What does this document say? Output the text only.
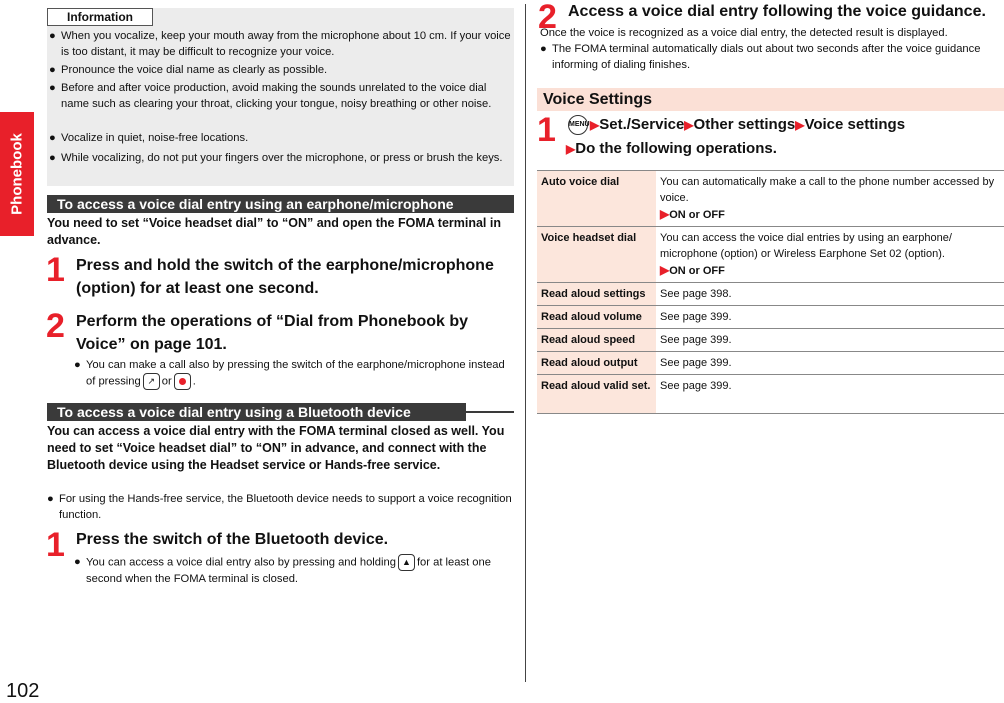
Phonebook
102
Information
● When you vocalize, keep your mouth away from the microphone about 10 cm. If your voice is too distant, it may be difficult to recognize your voice.
● Pronounce the voice dial name as clearly as possible.
● Before and after voice production, avoid making the sounds unrelated to the voice dial name such as clearing your throat, clicking your tongue, noisy breathing or other noise.
● Vocalize in quiet, noise-free locations.
● While vocalizing, do not put your fingers over the microphone, or press or brush the keys.
To access a voice dial entry using an earphone/microphone
You need to set “Voice headset dial” to “ON” and open the FOMA terminal in advance.
1 Press and hold the switch of the earphone/microphone (option) for at least one second.
2 Perform the operations of “Dial from Phonebook by Voice” on page 101.
● You can make a call also by pressing the switch of the earphone/microphone instead of pressing ↗ or .
To access a voice dial entry using a Bluetooth device
You can access a voice dial entry with the FOMA terminal closed as well. You need to set “Voice headset dial” to “ON” in advance, and connect with the Bluetooth device using the Headset service or Hands-free service.
● For using the Hands-free service, the Bluetooth device needs to support a voice recognition function.
1 Press the switch of the Bluetooth device.
● You can access a voice dial entry also by pressing and holding ▲ for at least one second when the FOMA terminal is closed.
2 Access a voice dial entry following the voice guidance.
Once the voice is recognized as a voice dial entry, the detected result is displayed.
● The FOMA terminal automatically dials out about two seconds after the voice guidance informing of dialing finishes.
Voice Settings
1	MENU▶Set./Service▶Other settings▶Voice settings
▶Do the following operations.
Auto voice dial	You can automatically make a call to the phone number accessed by voice.
▶ON or OFF
Voice headset dial	You can access the voice dial entries by using an earphone/ microphone (option) or Wireless Earphone Set 02 (option).
▶ON or OFF
Read aloud settings	See page 398.
Read aloud volume	See page 399.
Read aloud speed	See page 399.
Read aloud output	See page 399.
Read aloud valid set.	See page 399.
